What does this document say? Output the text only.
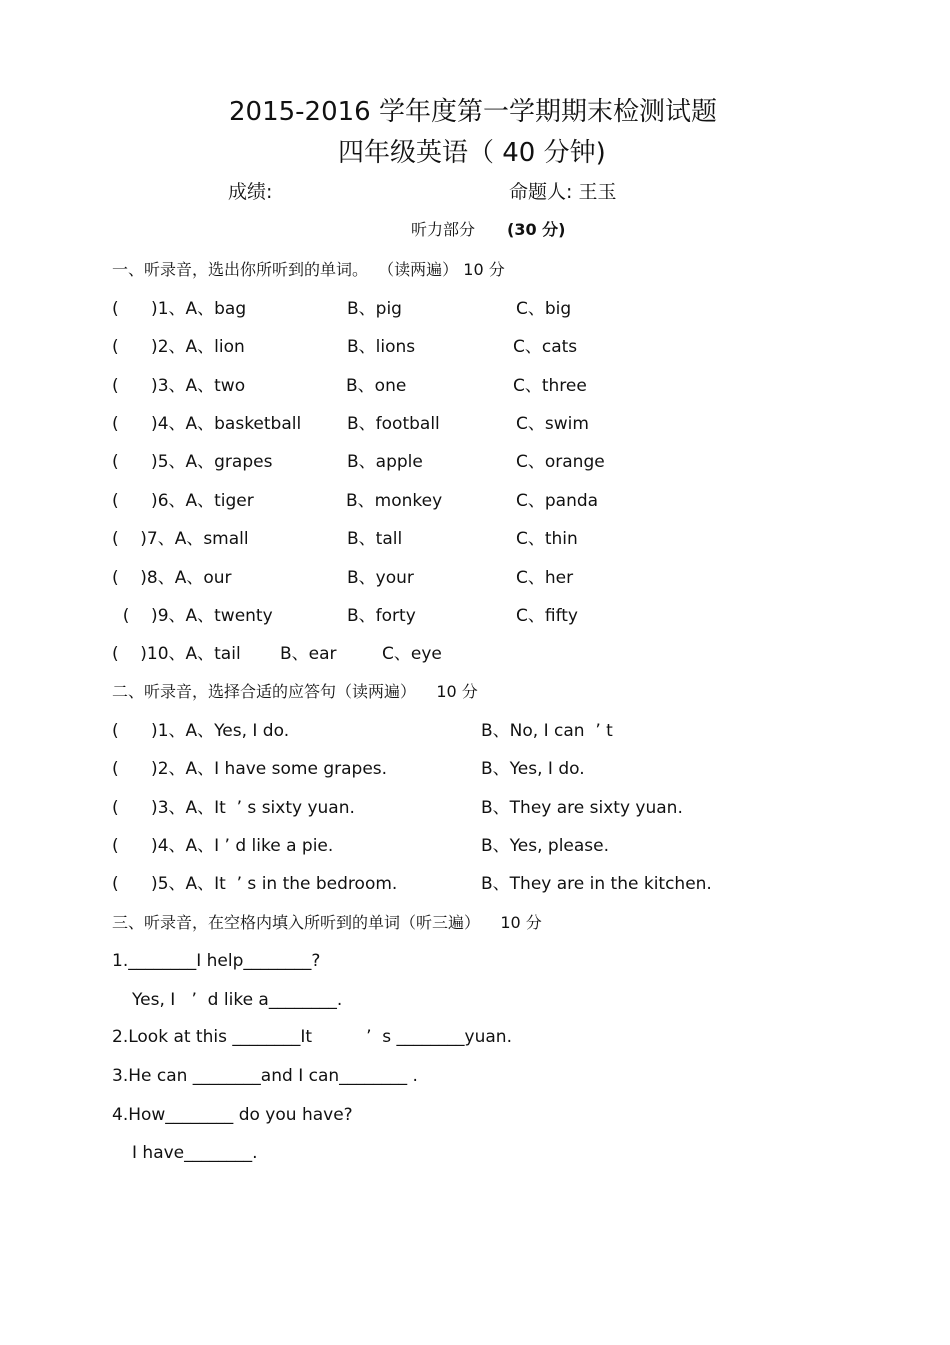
2015-2016 学年度第一学期期末检测试题
四年级英语（ 40 分钟)
成绩:	命题人: 王玉
听力部分 (30 分)
一、听录音，选出你所听到的单词。  （读两遍） 10 分
(      )1、A、bag	B、pig	C、big
(      )2、A、lion	B、lions	C、cats
(      )3、A、two	B、one	C、three
(      )4、A、basketball	B、football	C、swim
(      )5、A、grapes	B、apple	C、orange
(      )6、A、tiger	B、monkey	C、panda
(    )7、A、small	B、tall	C、thin
(    )8、A、our	B、your	C、her
(    )9、A、twenty	B、forty	C、fifty
(    )10、A、tail B、ear	C、eye
二、听录音，选择合适的应答句（读两遍）    10 分
(      )1、A、Yes, I do.	B、No, I can  ’ t
(      )2、A、I have some grapes.	B、Yes, I do.
(      )3、A、It  ’ s sixty yuan.	B、They are sixty yuan.
(      )4、A、I ’ d like a pie.	B、Yes, please.
(      )5、A、It  ’ s in the bedroom.	B、They are in the kitchen.
三、听录音，在空格内填入所听到的单词（听三遍）    10 分
1.________I help________?
Yes, I   ’  d like a________.
2.Look at this ________It          ’  s ________yuan.
3.He can ________and I can________ .
4.How________ do you have?
I have________.
